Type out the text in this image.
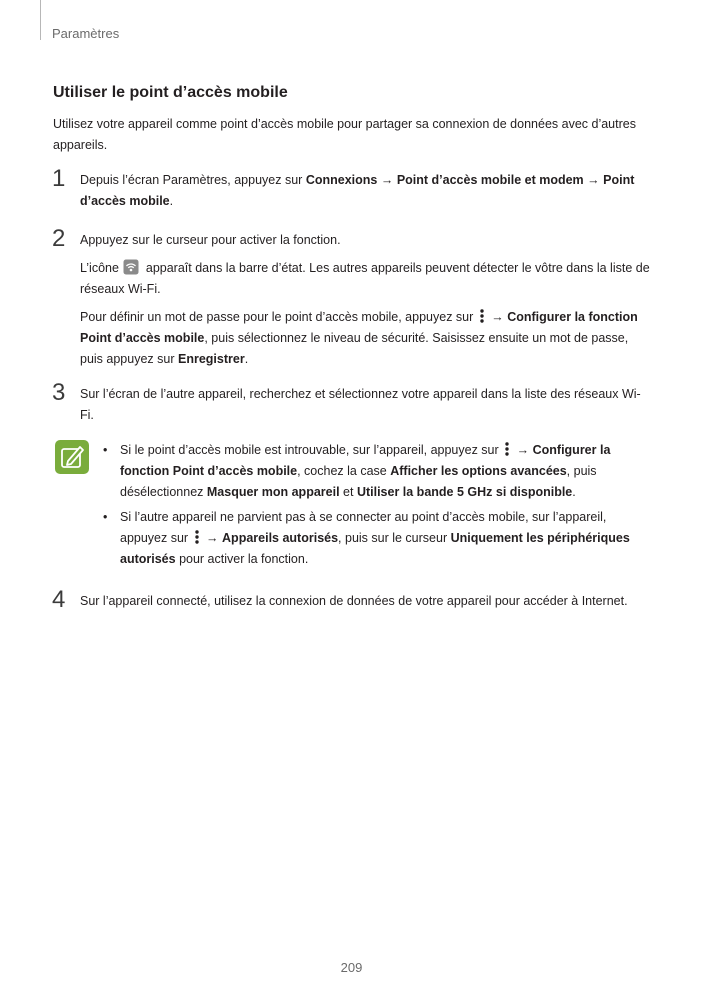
Paramètres
Utiliser le point d’accès mobile
Utilisez votre appareil comme point d’accès mobile pour partager sa connexion de données avec d’autres appareils.
1 Depuis l’écran Paramètres, appuyez sur Connexions → Point d’accès mobile et modem → Point d’accès mobile.

2 Appuyez sur le curseur pour activer la fonction.

L’icône  apparaît dans la barre d’état. Les autres appareils peuvent détecter le vôtre dans la liste de réseaux Wi-Fi.

Pour définir un mot de passe pour le point d’accès mobile, appuyez sur  → Configurer la fonction Point d’accès mobile, puis sélectionnez le niveau de sécurité. Saisissez ensuite un mot de passe, puis appuyez sur Enregistrer.

3 Sur l’écran de l’autre appareil, recherchez et sélectionnez votre appareil dans la liste des réseaux Wi-Fi.

• Si le point d’accès mobile est introuvable, sur l’appareil, appuyez sur  → Configurer la fonction Point d’accès mobile, cochez la case Afficher les options avancées, puis désélectionnez Masquer mon appareil et Utiliser la bande 5 GHz si disponible.
• Si l’autre appareil ne parvient pas à se connecter au point d’accès mobile, sur l’appareil, appuyez sur  → Appareils autorisés, puis sur le curseur Uniquement les périphériques autorisés pour activer la fonction.
4 Sur l’appareil connecté, utilisez la connexion de données de votre appareil pour accéder à Internet.

209
